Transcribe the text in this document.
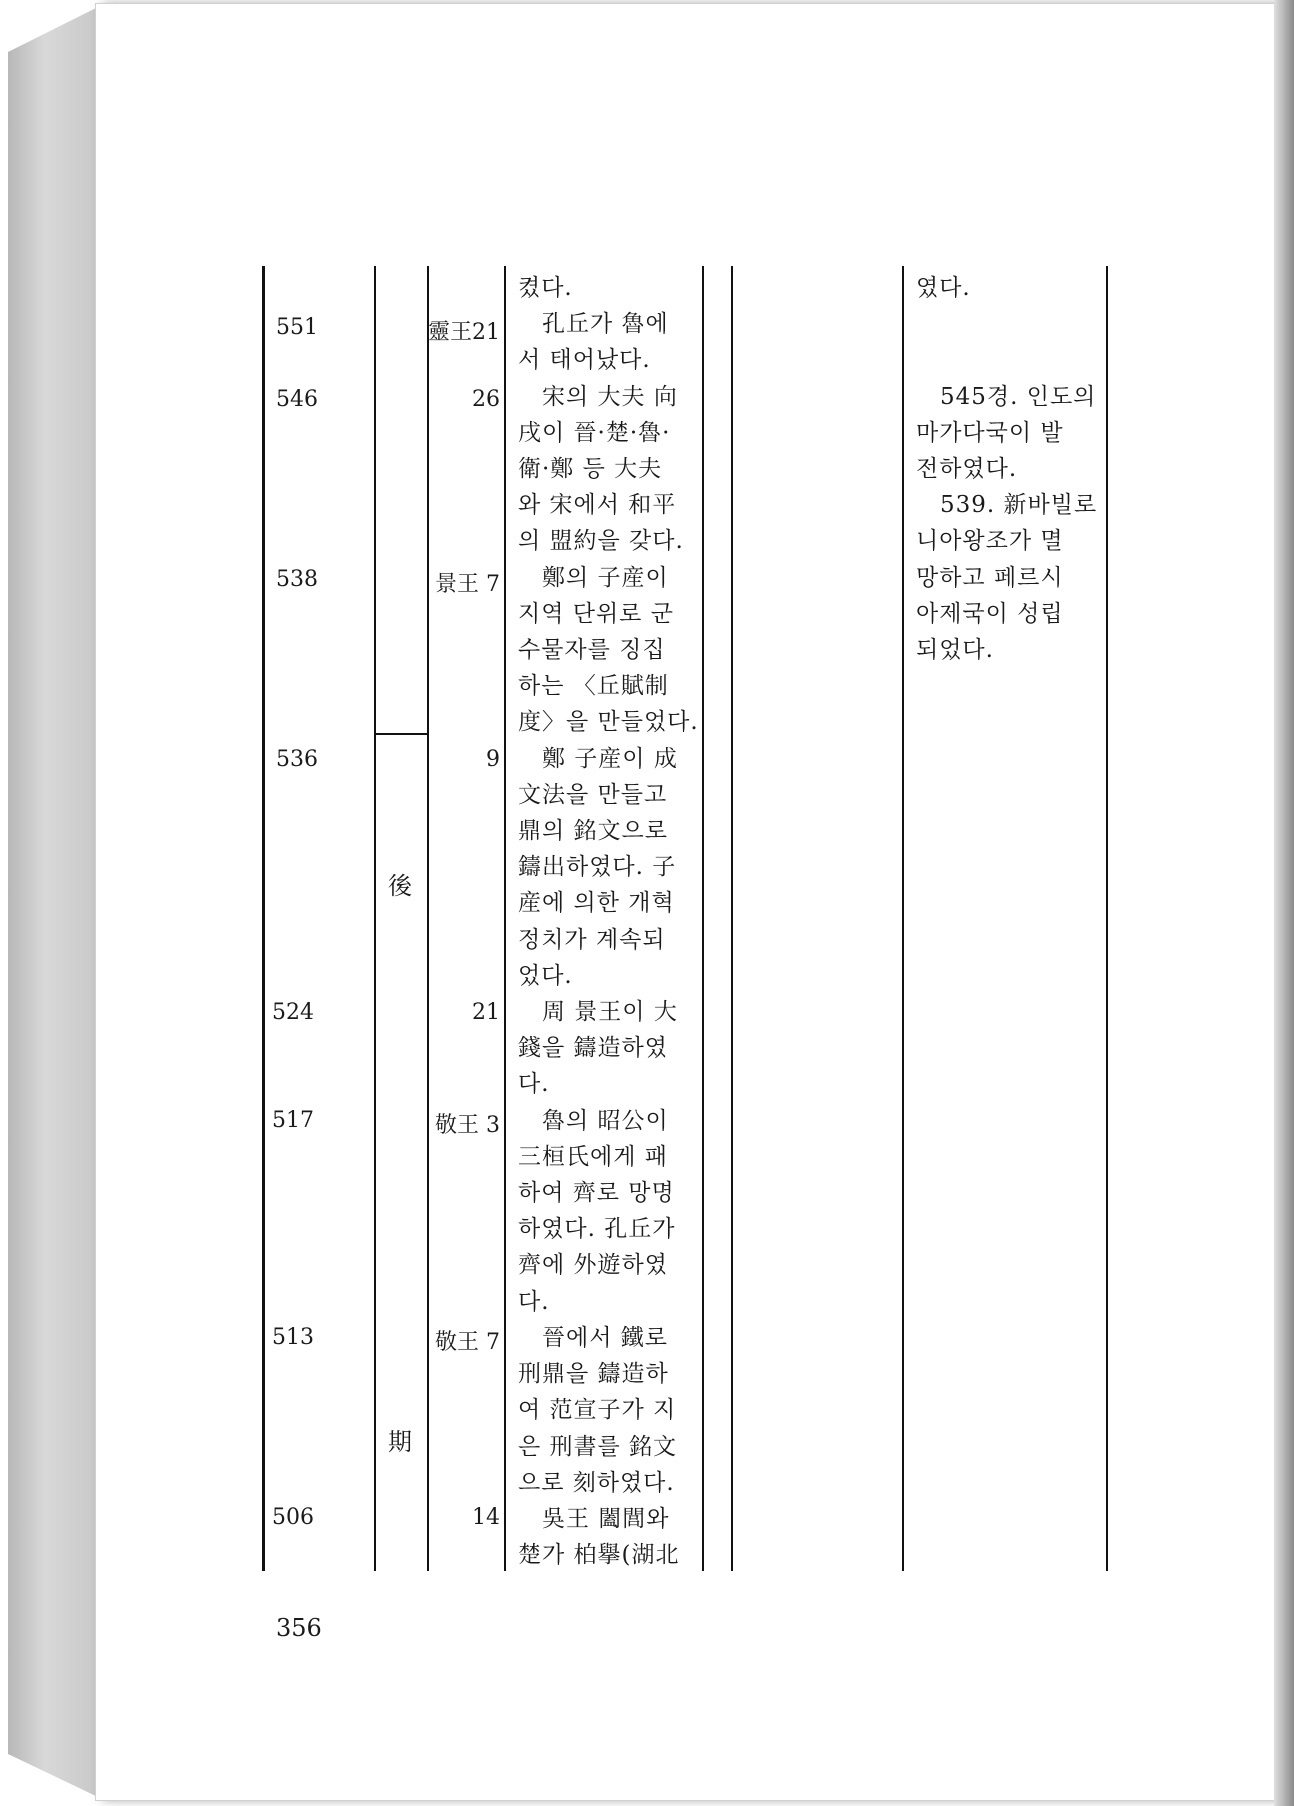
後
期
551
546
538
536
524
517
513
506
靈王21
26
景王 7
9
21
敬王 3
敬王 7
14
켰다.
　孔丘가 魯에
서 태어났다.
　宋의 大夫 向
戌이 晉·楚·魯·
衛·鄭 등 大夫
와 宋에서 和平
의 盟約을 갖다.
　鄭의 子産이
지역 단위로 군
수물자를 징집
하는 〈丘賦制
度〉을 만들었다.
　鄭 子産이 成
文法을 만들고
鼎의 銘文으로
鑄出하였다. 子
産에 의한 개혁
정치가 계속되
었다.
　周 景王이 大
錢을 鑄造하였
다.
　魯의 昭公이
三桓氏에게 패
하여 齊로 망명
하였다. 孔丘가
齊에 外遊하였
다.
　晉에서 鐵로
刑鼎을 鑄造하
여 范宣子가 지
은 刑書를 銘文
으로 刻하였다.
　吳王 闔閭와
楚가 柏擧(湖北
였다.

　545경. 인도의
마가다국이 발
전하였다.
　539. 新바빌로
니아왕조가 멸
망하고 페르시
아제국이 성립
되었다.
356
